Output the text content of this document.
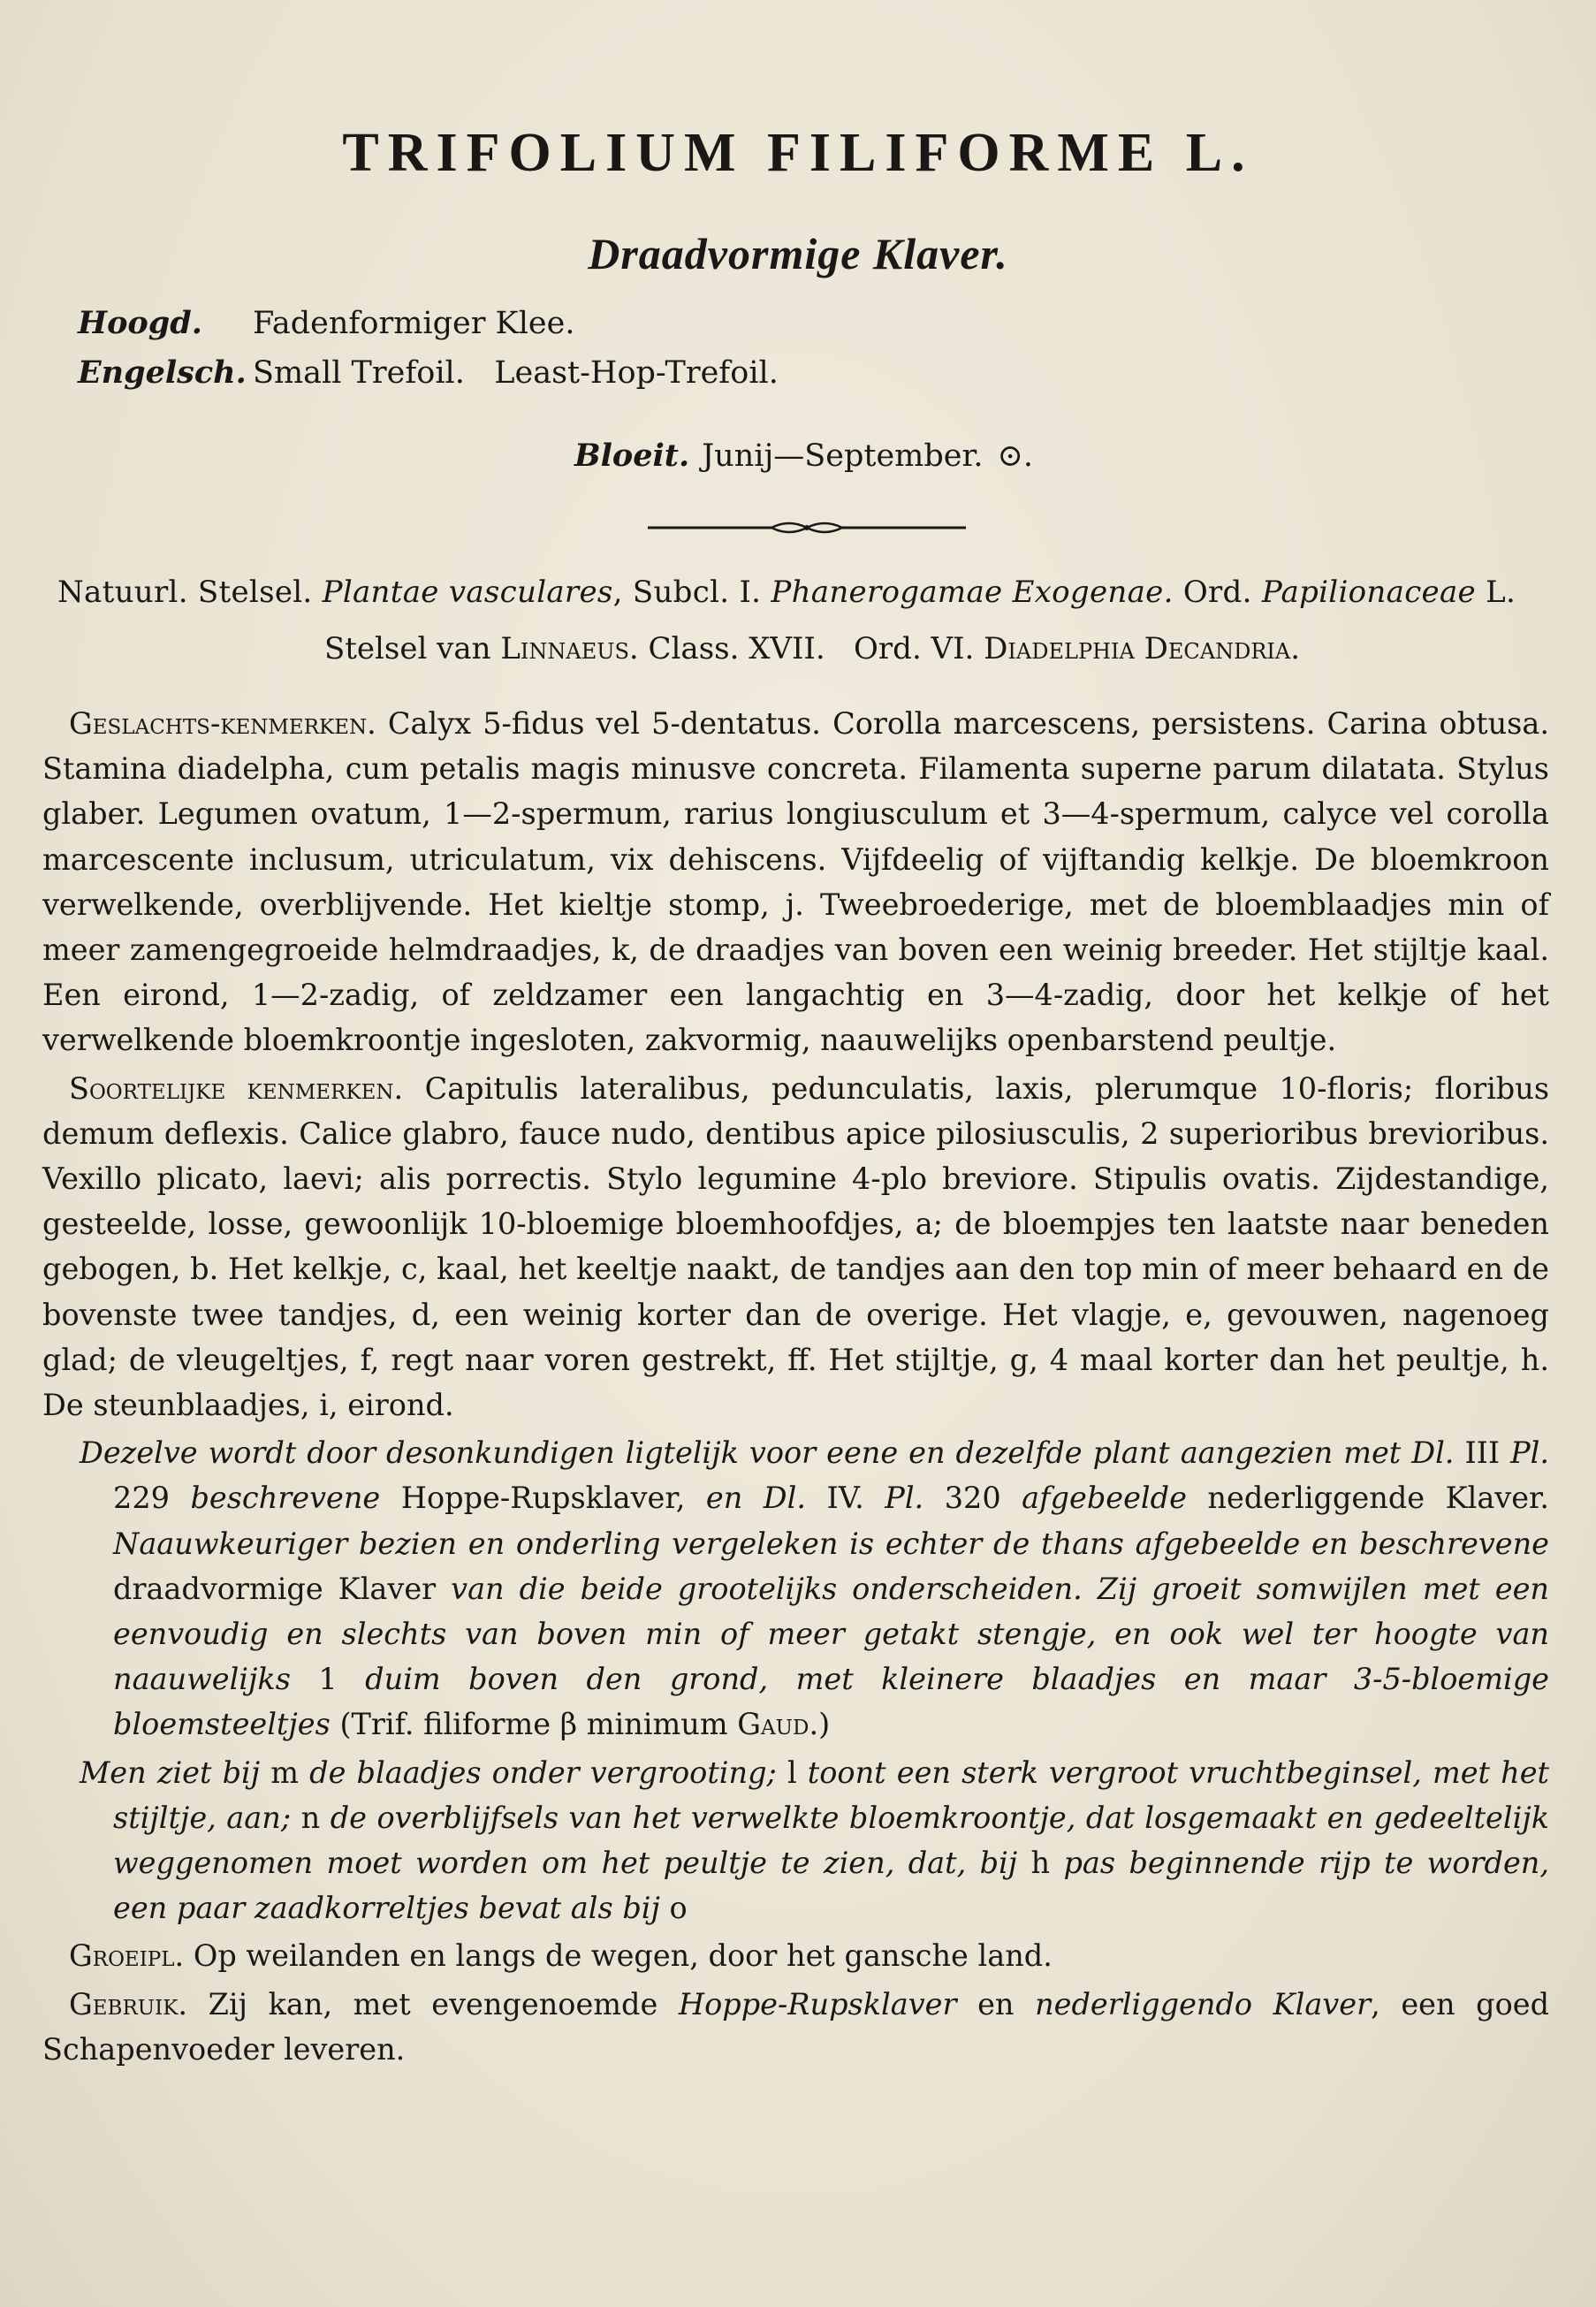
TRIFOLIUM FILIFORME L.
Draadvormige Klaver.
Hoogd. Fadenformiger Klee.
Engelsch. Small Trefoil.   Least-Hop-Trefoil.
Bloeit. Junij—September. ⊙.
Natuurl. Stelsel. Plantae vasculares, Subcl. I. Phanerogamae Exogenae. Ord. Papilionaceae L.
Stelsel van Linnaeus. Class. XVII.   Ord. VI. Diadelphia Decandria.

Geslachts-kenmerken. Calyx 5-fidus vel 5-dentatus. Corolla marcescens, persistens. Carina obtusa. Stamina diadelpha, cum petalis magis minusve concreta. Filamenta superne parum dilatata. Stylus glaber. Legumen ovatum, 1—2-spermum, rarius longiusculum et 3—4-spermum, calyce vel corolla marcescente inclusum, utriculatum, vix dehiscens. Vijfdeelig of vijftandig kelkje. De bloemkroon verwelkende, overblijvende. Het kieltje stomp, j. Tweebroederige, met de bloemblaadjes min of meer zamengegroeide helmdraadjes, k, de draadjes van boven een weinig breeder. Het stijltje kaal. Een eirond, 1—2-zadig, of zeldzamer een langachtig en 3—4-zadig, door het kelkje of het verwelkende bloemkroontje ingesloten, zakvormig, naauwelijks openbarstend peultje.

Soortelijke kenmerken. Capitulis lateralibus, pedunculatis, laxis, plerumque 10-floris; floribus demum deflexis. Calice glabro, fauce nudo, dentibus apice pilosiusculis, 2 superioribus brevioribus. Vexillo plicato, laevi; alis porrectis. Stylo legumine 4-plo breviore. Stipulis ovatis. Zijdestandige, gesteelde, losse, gewoonlijk 10-bloemige bloemhoofdjes, a; de bloempjes ten laatste naar beneden gebogen, b. Het kelkje, c, kaal, het keeltje naakt, de tandjes aan den top min of meer behaard en de bovenste twee tandjes, d, een weinig korter dan de overige. Het vlagje, e, gevouwen, nagenoeg glad; de vleugeltjes, f, regt naar voren gestrekt, ff. Het stijltje, g, 4 maal korter dan het peultje, h. De steunblaadjes, i, eirond.

Dezelve wordt door desonkundigen ligtelijk voor eene en dezelfde plant aangezien met Dl. III Pl. 229 beschrevene Hoppe-Rupsklaver, en Dl. IV. Pl. 320 afgebeelde nederliggende Klaver. Naauwkeuriger bezien en onderling vergeleken is echter de thans afgebeelde en beschrevene draadvormige Klaver van die beide grootelijks onderscheiden. Zij groeit somwijlen met een eenvoudig en slechts van boven min of meer getakt stengje, en ook wel ter hoogte van naauwelijks 1 duim boven den grond, met kleinere blaadjes en maar 3-5-bloemige bloemsteeltjes (Trif. filiforme β minimum Gaud.)

Men ziet bij m de blaadjes onder vergrooting; l toont een sterk vergroot vruchtbeginsel, met het stijltje, aan; n de overblijfsels van het verwelkte bloemkroontje, dat losgemaakt en gedeeltelijk weggenomen moet worden om het peultje te zien, dat, bij h pas beginnende rijp te worden, een paar zaadkorreltjes bevat als bij o

Groeipl. Op weilanden en langs de wegen, door het gansche land.

Gebruik. Zij kan, met evengenoemde Hoppe-Rupsklaver en nederliggendo Klaver, een goed Schapenvoeder leveren.
